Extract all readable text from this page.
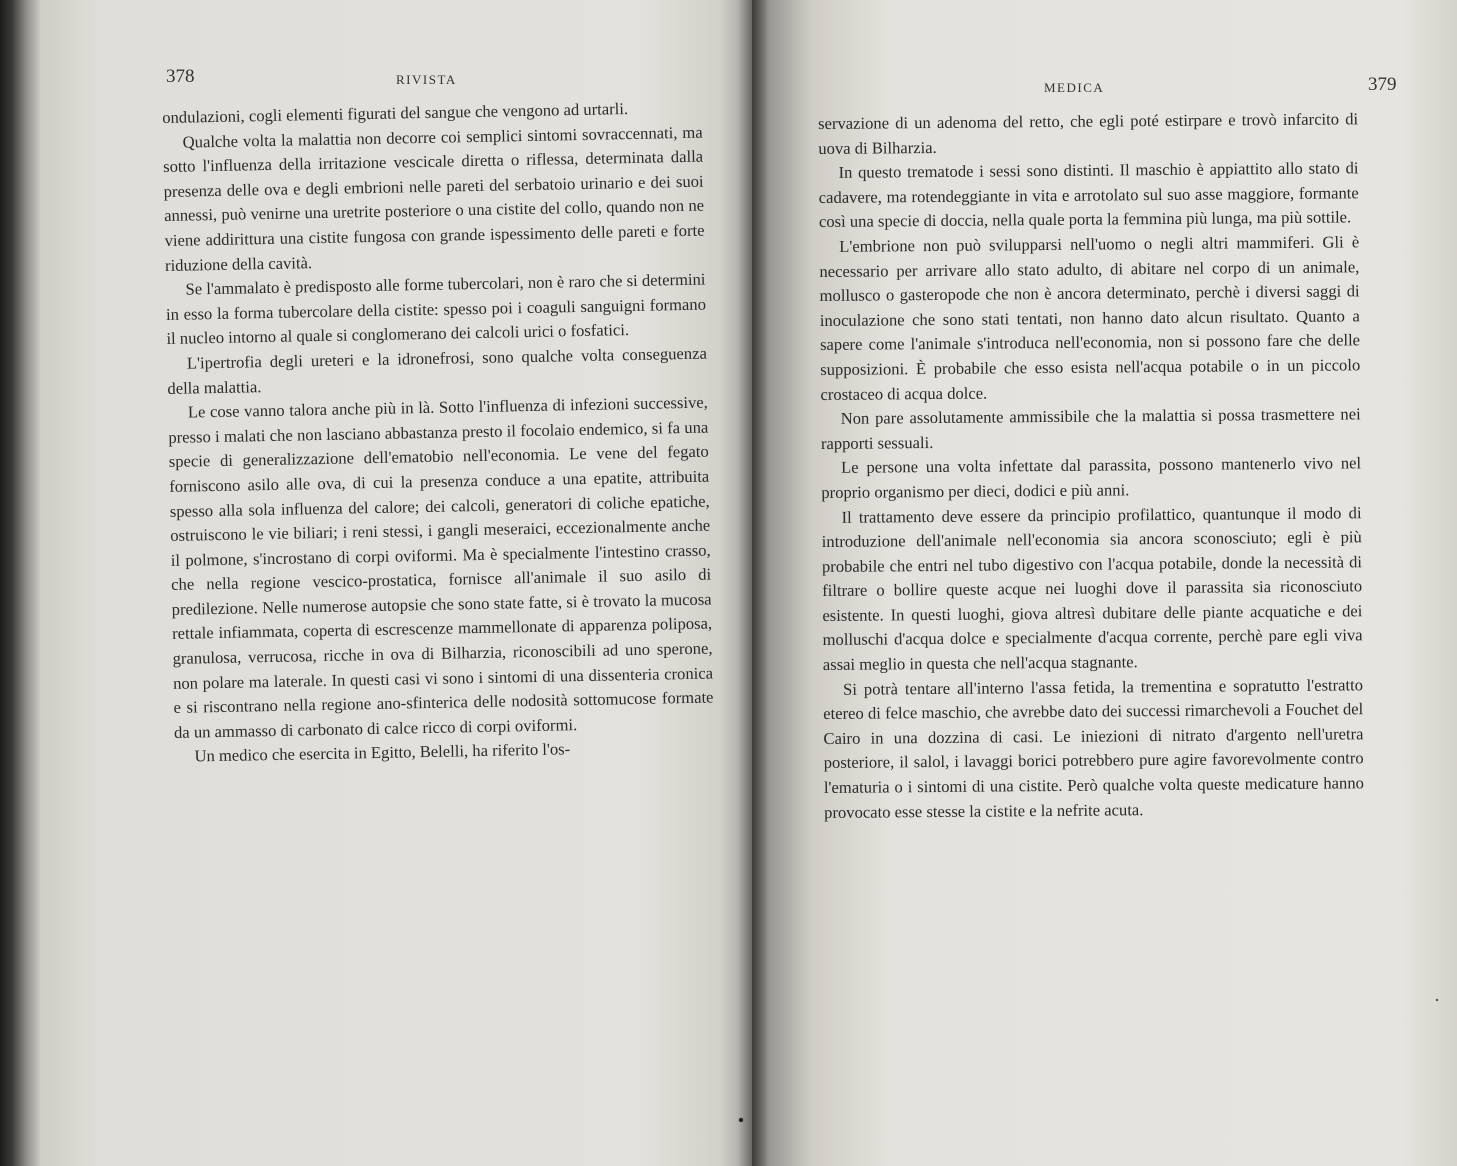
378	RIVISTA

ondulazioni, cogli elementi figurati del sangue che vengono ad urtarli.

Qualche volta la malattia non decorre coi semplici sintomi sovraccennati, ma sotto l'influenza della irritazione vescicale diretta o riflessa, determinata dalla presenza delle ova e degli embrioni nelle pareti del serbatoio urinario e dei suoi annessi, può venirne una uretrite posteriore o una cistite del collo, quando non ne viene addirittura una cistite fungosa con grande ispessimento delle pareti e forte riduzione della cavità.

Se l'ammalato è predisposto alle forme tubercolari, non è raro che si determini in esso la forma tubercolare della cistite: spesso poi i coaguli sanguigni formano il nucleo intorno al quale si conglomerano dei calcoli urici o fosfatici.

L'ipertrofia degli ureteri e la idronefrosi, sono qualche volta conseguenza della malattia.

Le cose vanno talora anche più in là. Sotto l'influenza di infezioni successive, presso i malati che non lasciano abbastanza presto il focolaio endemico, si fa una specie di generalizzazione dell'ematobio nell'economia. Le vene del fegato forniscono asilo alle ova, di cui la presenza conduce a una epatite, attribuita spesso alla sola influenza del calore; dei calcoli, generatori di coliche epatiche, ostruiscono le vie biliari; i reni stessi, i gangli meseraici, eccezionalmente anche il polmone, s'incrostano di corpi oviformi. Ma è specialmente l'intestino crasso, che nella regione vescico-prostatica, fornisce all'animale il suo asilo di predilezione. Nelle numerose autopsie che sono state fatte, si è trovato la mucosa rettale infiammata, coperta di escrescenze mammellonate di apparenza poliposa, granulosa, verrucosa, ricche in ova di Bilharzia, riconoscibili ad uno sperone, non polare ma laterale. In questi casi vi sono i sintomi di una dissenteria cronica e si riscontrano nella regione ano-sfinterica delle nodosità sottomucose formate da un ammasso di carbonato di calce ricco di corpi oviformi.

Un medico che esercita in Egitto, Belelli, ha riferito l'os-

MEDICA	379

servazione di un adenoma del retto, che egli poté estirpare e trovò infarcito di uova di Bilharzia.

In questo trematode i sessi sono distinti. Il maschio è appiattito allo stato di cadavere, ma rotendeggiante in vita e arrotolato sul suo asse maggiore, formante così una specie di doccia, nella quale porta la femmina più lunga, ma più sottile.

L'embrione non può svilupparsi nell'uomo o negli altri mammiferi. Gli è necessario per arrivare allo stato adulto, di abitare nel corpo di un animale, mollusco o gasteropode che non è ancora determinato, perchè i diversi saggi di inoculazione che sono stati tentati, non hanno dato alcun risultato. Quanto a sapere come l'animale s'introduca nell'economia, non si possono fare che delle supposizioni. È probabile che esso esista nell'acqua potabile o in un piccolo crostaceo di acqua dolce.

Non pare assolutamente ammissibile che la malattia si possa trasmettere nei rapporti sessuali.

Le persone una volta infettate dal parassita, possono mantenerlo vivo nel proprio organismo per dieci, dodici e più anni.

Il trattamento deve essere da principio profilattico, quantunque il modo di introduzione dell'animale nell'economia sia ancora sconosciuto; egli è più probabile che entri nel tubo digestivo con l'acqua potabile, donde la necessità di filtrare o bollire queste acque nei luoghi dove il parassita sia riconosciuto esistente. In questi luoghi, giova altresì dubitare delle piante acquatiche e dei molluschi d'acqua dolce e specialmente d'acqua corrente, perchè pare egli viva assai meglio in questa che nell'acqua stagnante.

Si potrà tentare all'interno l'assa fetida, la trementina e sopratutto l'estratto etereo di felce maschio, che avrebbe dato dei successi rimarchevoli a Fouchet del Cairo in una dozzina di casi. Le iniezioni di nitrato d'argento nell'uretra posteriore, il salol, i lavaggi borici potrebbero pure agire favorevolmente contro l'ematuria o i sintomi di una cistite. Però qualche volta queste medicature hanno provocato esse stesse la cistite e la nefrite acuta.
